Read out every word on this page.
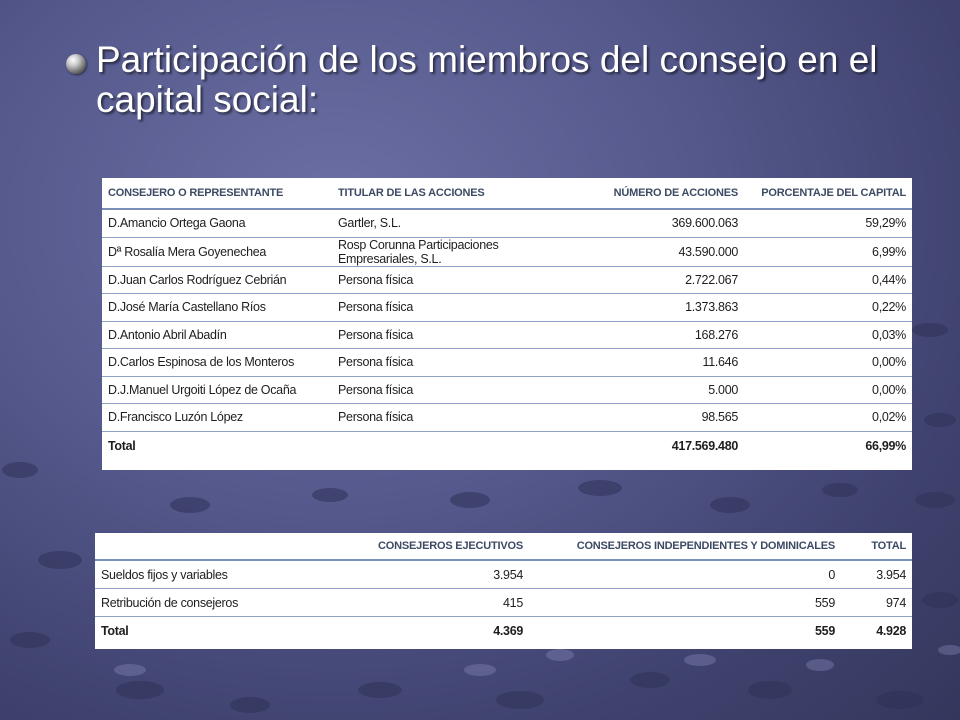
Participación de los miembros del consejo en el capital social:
CONSEJERO O REPRESENTANTE	TITULAR DE LAS ACCIONES	NÚMERO DE ACCIONES	PORCENTAJE DEL CAPITAL
D.Amancio Ortega Gaona	Gartler, S.L.	369.600.063	59,29%
Dª Rosalía Mera Goyenechea	Rosp Corunna Participaciones Empresariales, S.L.	43.590.000	6,99%
D.Juan Carlos Rodríguez Cebrián	Persona física	2.722.067	0,44%
D.José María Castellano Ríos	Persona física	1.373.863	0,22%
D.Antonio Abril Abadín	Persona física	168.276	0,03%
D.Carlos Espinosa de los Monteros	Persona física	11.646	0,00%
D.J.Manuel Urgoiti López de Ocaña	Persona física	5.000	0,00%
D.Francisco Luzón López	Persona física	98.565	0,02%
Total		417.569.480	66,99%
	CONSEJEROS EJECUTIVOS	CONSEJEROS INDEPENDIENTES Y DOMINICALES	TOTAL
Sueldos fijos y variables	3.954	0	3.954
Retribución de consejeros	415	559	974
Total	4.369	559	4.928
